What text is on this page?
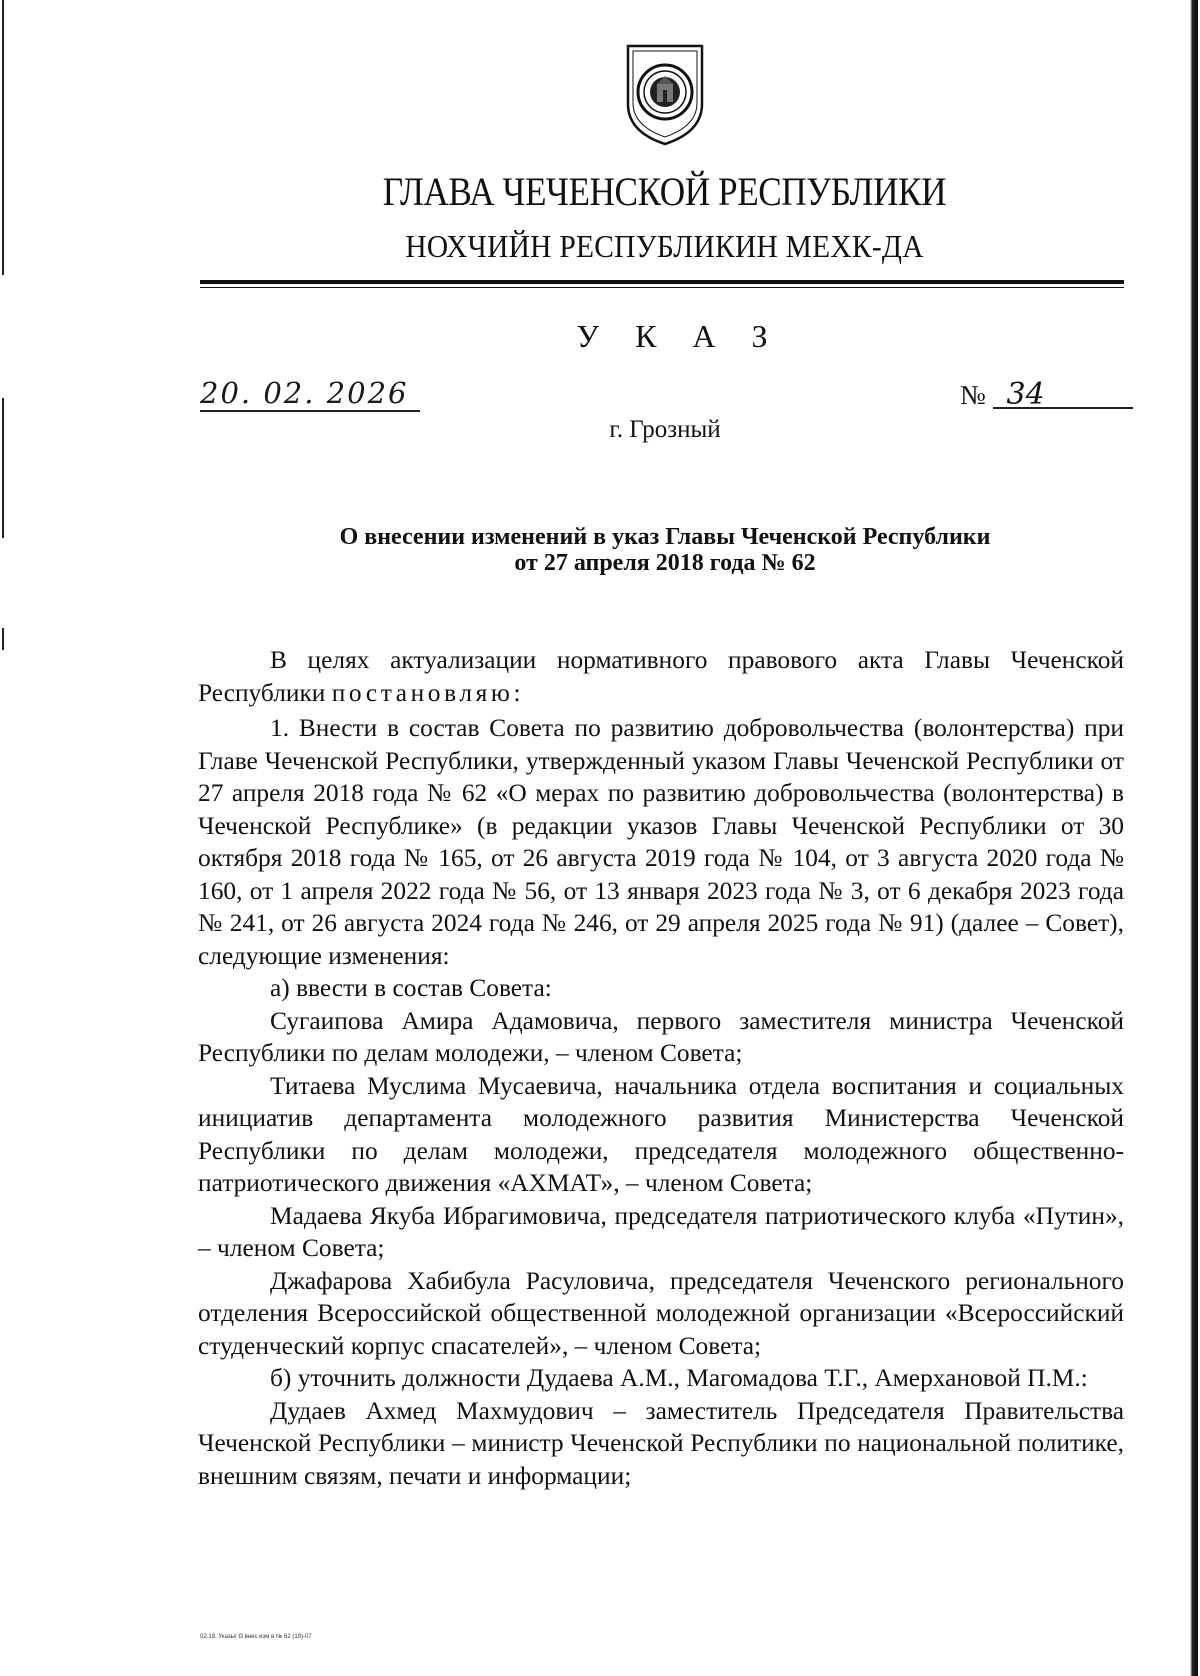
ГЛАВА ЧЕЧЕНСКОЙ РЕСПУБЛИКИ
НОХЧИЙН РЕСПУБЛИКИН МЕХК-ДА
У К А З
20. 02. 2026	№ 34
г. Грозный
О внесении изменений в указ Главы Чеченской Республики
от 27 апреля 2018 года № 62

В целях актуализации нормативного правового акта Главы Чеченской Республики постановляю:

1. Внести в состав Совета по развитию добровольчества (волонтерства) при Главе Чеченской Республики, утвержденный указом Главы Чеченской Республики от 27 апреля 2018 года № 62 «О мерах по развитию добровольчества (волонтерства) в Чеченской Республике» (в редакции указов Главы Чеченской Республики от 30 октября 2018 года № 165, от 26 августа 2019 года № 104, от 3 августа 2020 года № 160, от 1 апреля 2022 года № 56, от 13 января 2023 года № 3, от 6 декабря 2023 года № 241, от 26 августа 2024 года № 246, от 29 апреля 2025 года № 91) (далее – Совет), следующие изменения:

а) ввести в состав Совета:

Сугаипова Амира Адамовича, первого заместителя министра Чеченской Республики по делам молодежи, – членом Совета;

Титаева Муслима Мусаевича, начальника отдела воспитания и социальных инициатив департамента молодежного развития Министерства Чеченской Республики по делам молодежи, председателя молодежного общественно-патриотического движения «АХМАТ», – членом Совета;

Мадаева Якуба Ибрагимовича, председателя патриотического клуба «Путин», – членом Совета;

Джафарова Хабибула Расуловича, председателя Чеченского регионального отделения Всероссийской общественной молодежной организации «Всероссийский студенческий корпус спасателей», – членом Совета;

б) уточнить должности Дудаева А.М., Магомадова Т.Г., Амерхановой П.М.:

Дудаев Ахмед Махмудович – заместитель Председателя Правительства Чеченской Республики – министр Чеченской Республики по национальной политике, внешним связям, печати и информации;

02.19. Указы/ О внес изм в № 62 (19)-07
